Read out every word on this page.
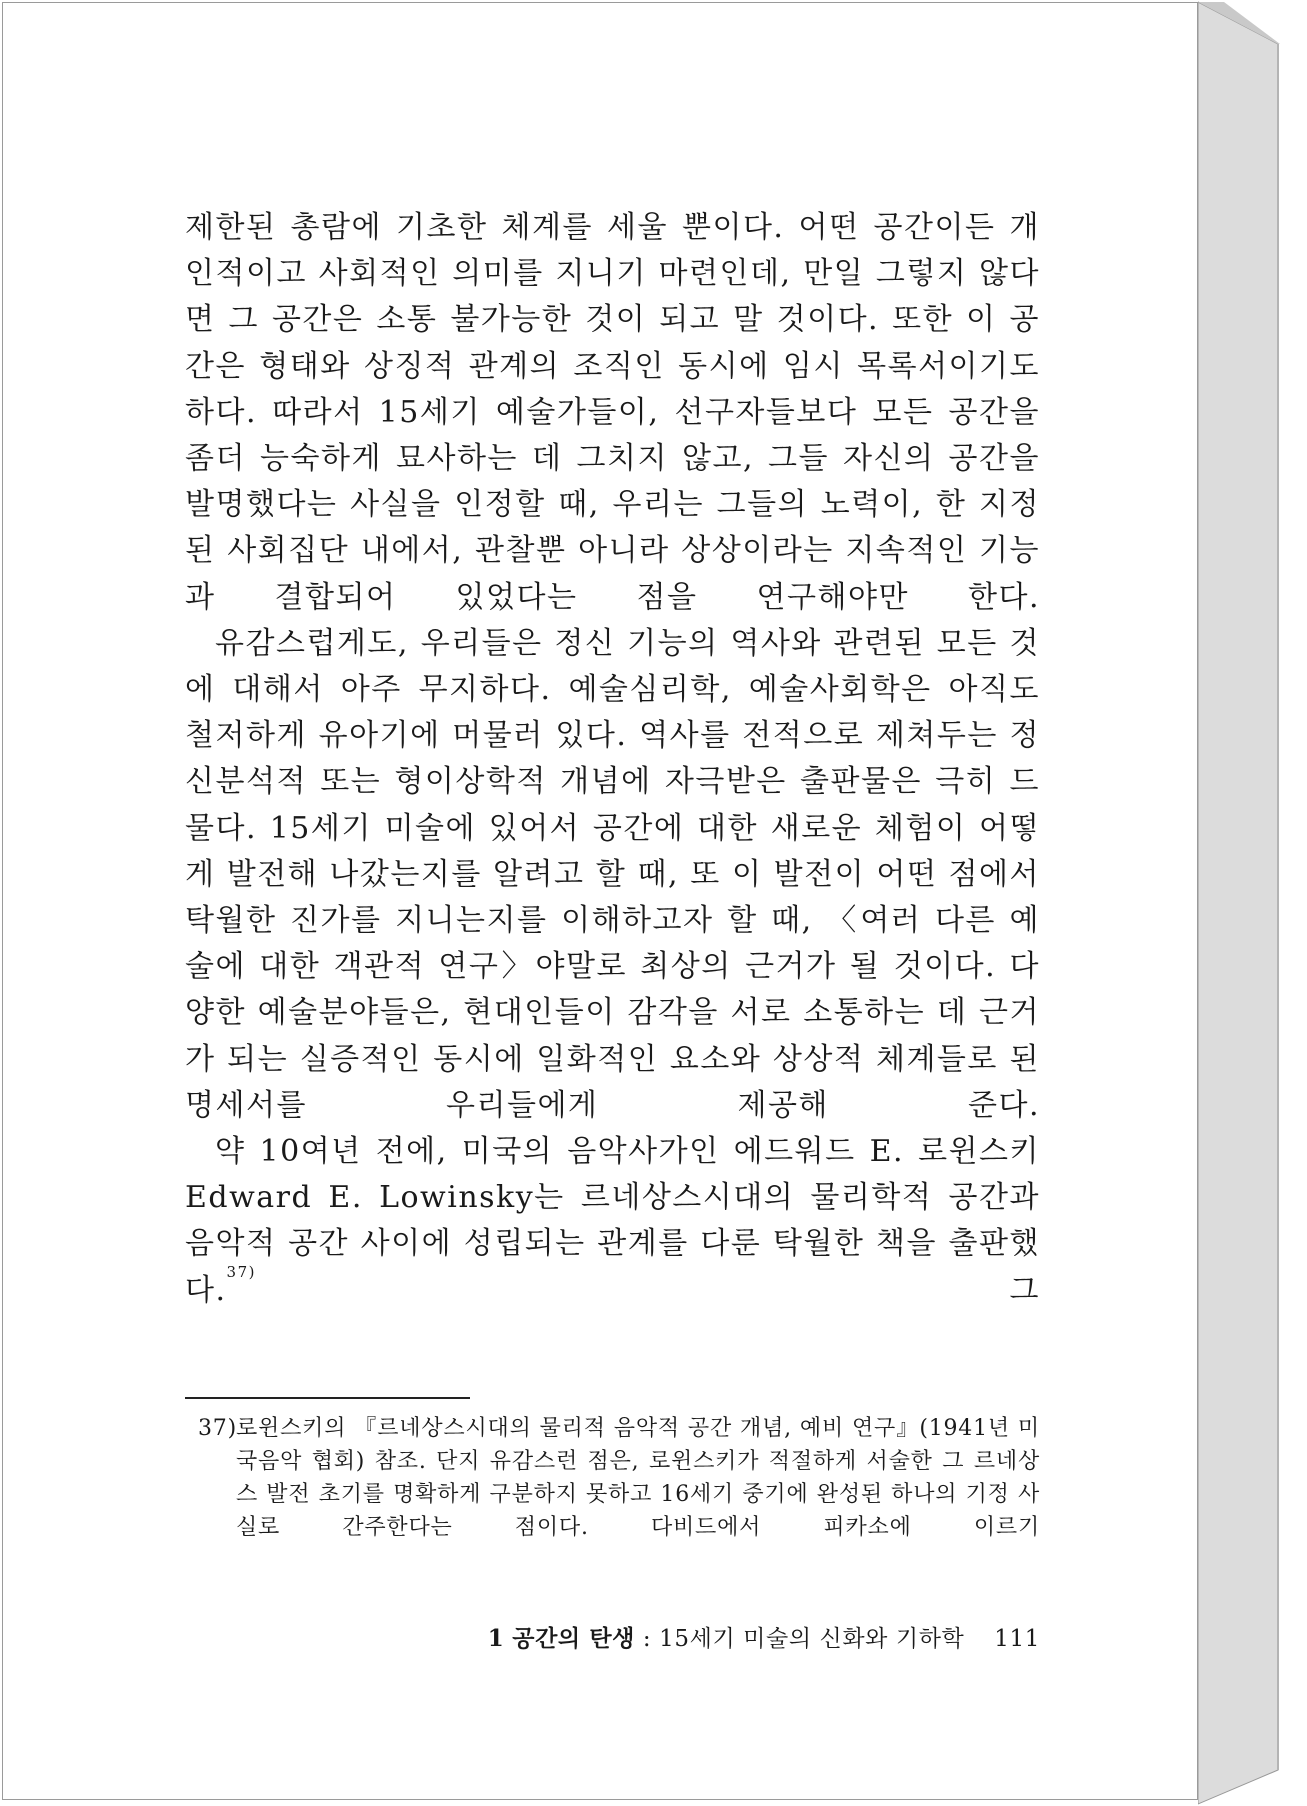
제한된 총람에 기초한 체계를 세울 뿐이다. 어떤 공간이든 개인적이고 사회적인 의미를 지니기 마련인데, 만일 그렇지 않다면 그 공간은 소통 불가능한 것이 되고 말 것이다. 또한 이 공간은 형태와 상징적 관계의 조직인 동시에 임시 목록서이기도 하다. 따라서 15세기 예술가들이, 선구자들보다 모든 공간을 좀더 능숙하게 묘사하는 데 그치지 않고, 그들 자신의 공간을 발명했다는 사실을 인정할 때, 우리는 그들의 노력이, 한 지정된 사회집단 내에서, 관찰뿐 아니라 상상이라는 지속적인 기능과 결합되어 있었다는 점을 연구해야만 한다.

유감스럽게도, 우리들은 정신 기능의 역사와 관련된 모든 것에 대해서 아주 무지하다. 예술심리학, 예술사회학은 아직도 철저하게 유아기에 머물러 있다. 역사를 전적으로 제쳐두는 정신분석적 또는 형이상학적 개념에 자극받은 출판물은 극히 드물다. 15세기 미술에 있어서 공간에 대한 새로운 체험이 어떻게 발전해 나갔는지를 알려고 할 때, 또 이 발전이 어떤 점에서 탁월한 진가를 지니는지를 이해하고자 할 때, 〈여러 다른 예술에 대한 객관적 연구〉야말로 최상의 근거가 될 것이다. 다양한 예술분야들은, 현대인들이 감각을 서로 소통하는 데 근거가 되는 실증적인 동시에 일화적인 요소와 상상적 체계들로 된 명세서를 우리들에게 제공해 준다.

약 10여년 전에, 미국의 음악사가인 에드워드 E. 로윈스키 Edward E. Lowinsky는 르네상스시대의 물리학적 공간과 음악적 공간 사이에 성립되는 관계를 다룬 탁월한 책을 출판했다.$^{37)}$ 그

37) 로윈스키의 『르네상스시대의 물리적 음악적 공간 개념, 예비 연구』(1941년 미국음악 협회) 참조. 단지 유감스런 점은, 로윈스키가 적절하게 서술한 그 르네상스 발전 초기를 명확하게 구분하지 못하고 16세기 중기에 완성된 하나의 기정 사실로 간주한다는 점이다. 다비드에서 피카소에 이르기
1 공간의 탄생 : 15세기 미술의 신화와 기하학 111
